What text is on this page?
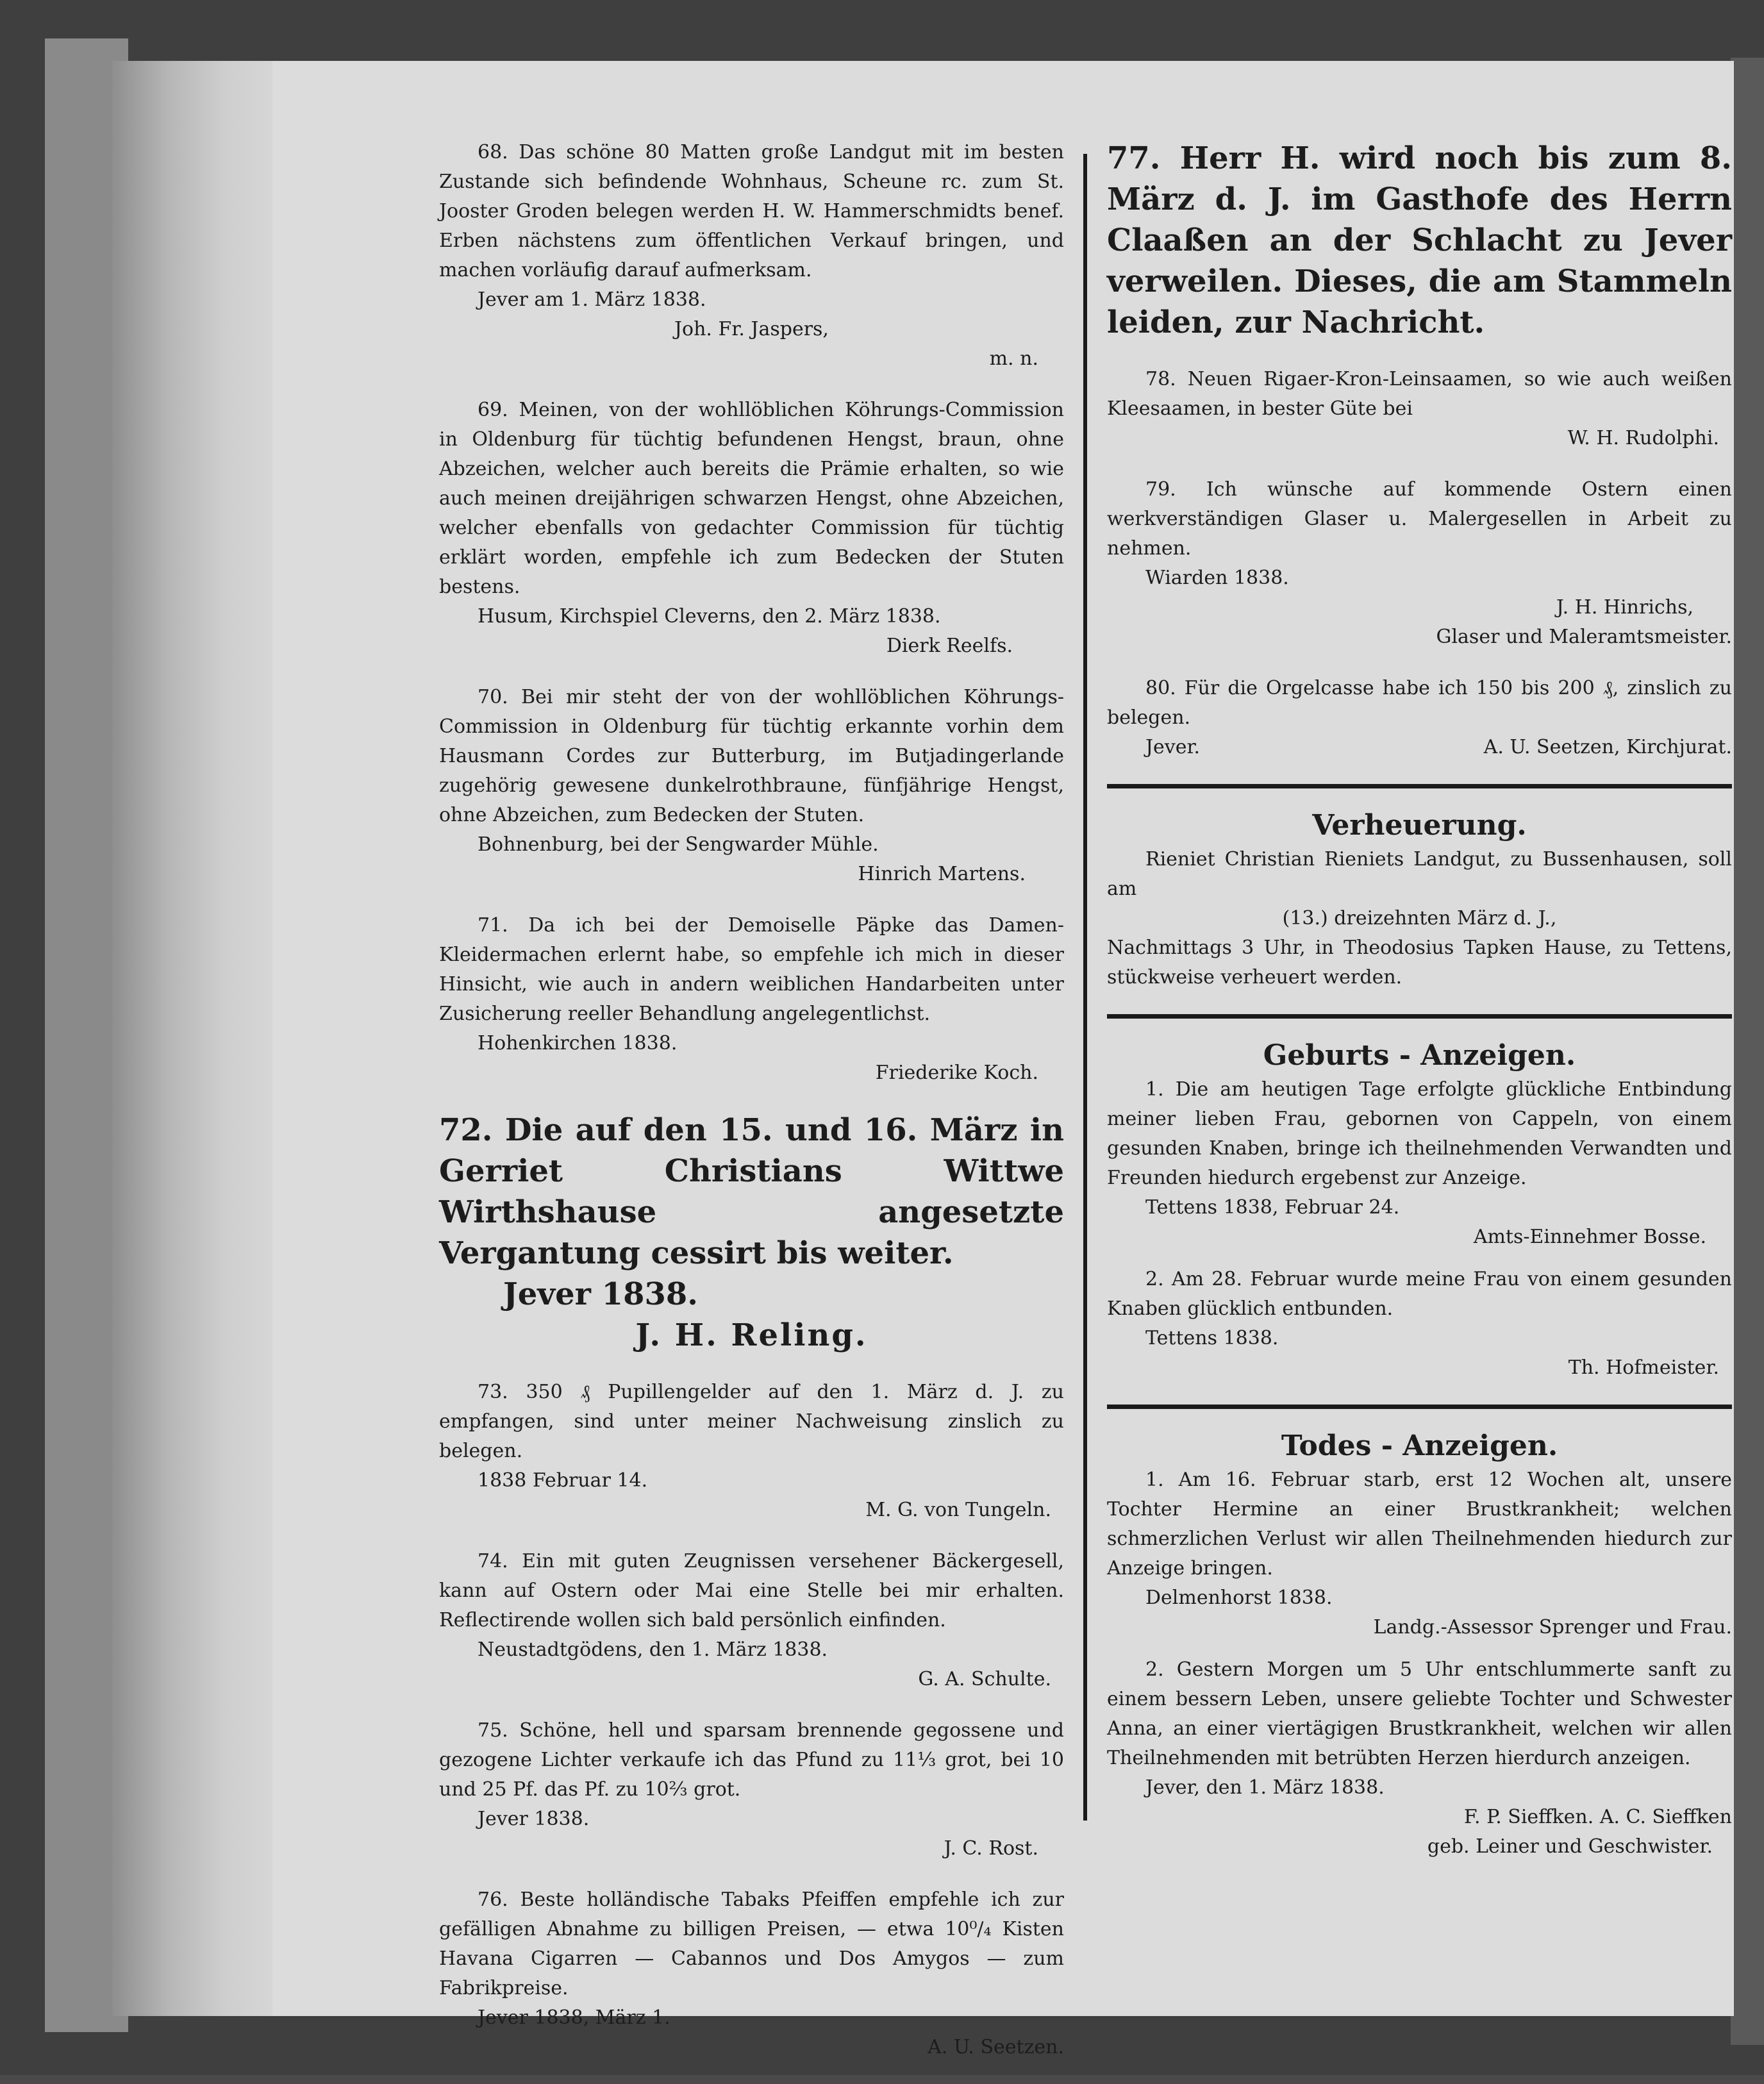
68. Das schöne 80 Matten große Landgut mit im besten Zustande sich befindende Wohnhaus, Scheune rc. zum St. Jooster Groden belegen werden H. W. Hammerschmidts benef. Erben nächstens zum öffentlichen Verkauf bringen, und machen vorläufig darauf aufmerksam.

Jever am 1. März 1838.

Joh. Fr. Jaspers,

m. n.

69. Meinen, von der wohllöblichen Köhrungs-Commission in Oldenburg für tüchtig befundenen Hengst, braun, ohne Abzeichen, welcher auch bereits die Prämie erhalten, so wie auch meinen dreijährigen schwarzen Hengst, ohne Abzeichen, welcher ebenfalls von gedachter Commission für tüchtig erklärt worden, empfehle ich zum Bedecken der Stuten bestens.

Husum, Kirchspiel Cleverns, den 2. März 1838.

Dierk Reelfs.

70. Bei mir steht der von der wohllöblichen Köhrungs-Commission in Oldenburg für tüchtig erkannte vorhin dem Hausmann Cordes zur Butterburg, im Butjadingerlande zugehörig gewesene dunkelrothbraune, fünfjährige Hengst, ohne Abzeichen, zum Bedecken der Stuten.

Bohnenburg, bei der Sengwarder Mühle.

Hinrich Martens.

71. Da ich bei der Demoiselle Päpke das Damen-Kleidermachen erlernt habe, so empfehle ich mich in dieser Hinsicht, wie auch in andern weiblichen Handarbeiten unter Zusicherung reeller Behandlung angelegentlichst.

Hohenkirchen 1838.

Friederike Koch.

72. Die auf den 15. und 16. März in Gerriet Christians Wittwe Wirthshause angesetzte Vergantung cessirt bis weiter.

Jever 1838.

J. H. Reling.

73. 350 ₰ Pupillengelder auf den 1. März d. J. zu empfangen, sind unter meiner Nachweisung zinslich zu belegen.

1838 Februar 14.

M. G. von Tungeln.

74. Ein mit guten Zeugnissen versehener Bäckergesell, kann auf Ostern oder Mai eine Stelle bei mir erhalten. Reflectirende wollen sich bald persönlich einfinden.

Neustadtgödens, den 1. März 1838.

G. A. Schulte.

75. Schöne, hell und sparsam brennende gegossene und gezogene Lichter verkaufe ich das Pfund zu 11⅓ grot, bei 10 und 25 Pf. das Pf. zu 10⅔ grot.

Jever 1838.

J. C. Rost.

76. Beste holländische Tabaks Pfeiffen empfehle ich zur gefälligen Abnahme zu billigen Preisen, — etwa 10⁰/₄ Kisten Havana Cigarren — Cabannos und Dos Amygos — zum Fabrikpreise.

Jever 1838, März 1.

A. U. Seetzen.

77. Herr H. wird noch bis zum 8. März d. J. im Gasthofe des Herrn Claaßen an der Schlacht zu Jever verweilen. Dieses, die am Stammeln leiden, zur Nachricht.

78. Neuen Rigaer-Kron-Leinsaamen, so wie auch weißen Kleesaamen, in bester Güte bei

W. H. Rudolphi.

79. Ich wünsche auf kommende Ostern einen werkverständigen Glaser u. Malergesellen in Arbeit zu nehmen.

Wiarden 1838.

J. H. Hinrichs,

Glaser und Maleramtsmeister.

80. Für die Orgelcasse habe ich 150 bis 200 ₰, zinslich zu belegen.

Jever.	A. U. Seetzen, Kirchjurat.

Verheuerung.

Rieniet Christian Rieniets Landgut, zu Bussenhausen, soll am

(13.) dreizehnten März d. J.,

Nachmittags 3 Uhr, in Theodosius Tapken Hause, zu Tettens, stückweise verheuert werden.

Geburts - Anzeigen.

1. Die am heutigen Tage erfolgte glückliche Entbindung meiner lieben Frau, gebornen von Cappeln, von einem gesunden Knaben, bringe ich theilnehmenden Verwandten und Freunden hiedurch ergebenst zur Anzeige.

Tettens 1838, Februar 24.

Amts-Einnehmer Bosse.

2. Am 28. Februar wurde meine Frau von einem gesunden Knaben glücklich entbunden.

Tettens 1838.

Th. Hofmeister.

Todes - Anzeigen.

1. Am 16. Februar starb, erst 12 Wochen alt, unsere Tochter Hermine an einer Brustkrankheit; welchen schmerzlichen Verlust wir allen Theilnehmenden hiedurch zur Anzeige bringen.

Delmenhorst 1838.

Landg.-Assessor Sprenger und Frau.

2. Gestern Morgen um 5 Uhr entschlummerte sanft zu einem bessern Leben, unsere geliebte Tochter und Schwester Anna, an einer viertägigen Brustkrankheit, welchen wir allen Theilnehmenden mit betrübten Herzen hierdurch anzeigen.

Jever, den 1. März 1838.

F. P. Sieffken. A. C. Sieffken

geb. Leiner und Geschwister.
